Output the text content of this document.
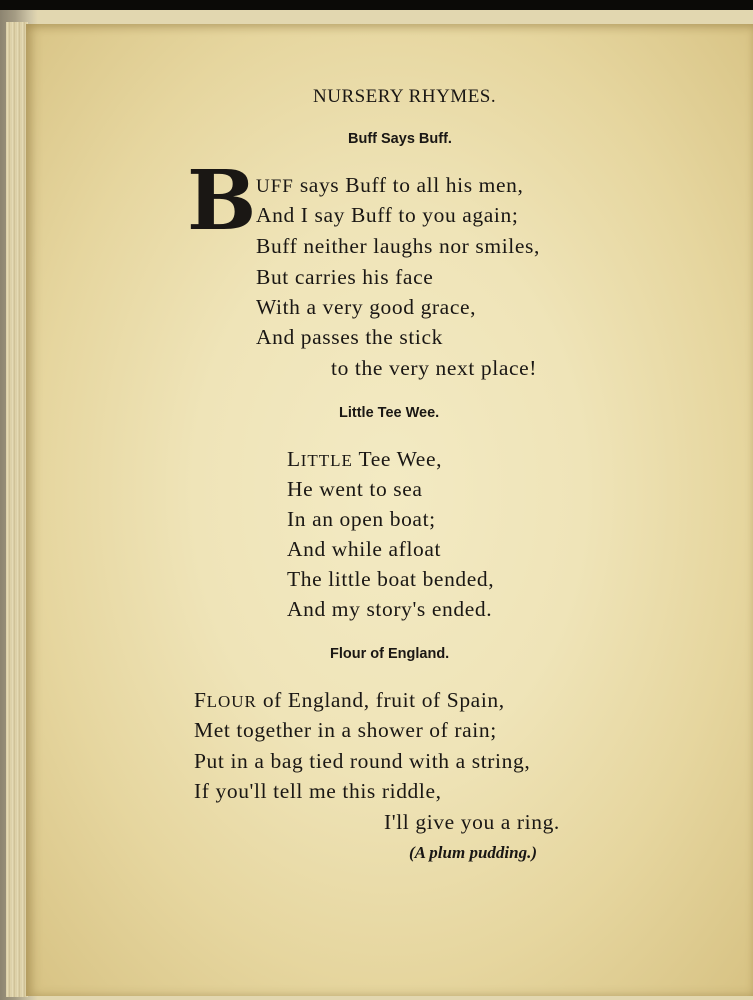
NURSERY RHYMES.
Buff Says Buff.
B UFF says Buff to all his men,
And I say Buff to you again;
Buff neither laughs nor smiles,
But carries his face
With a very good grace,
And passes the stick
to the very next place!
Little Tee Wee.
LITTLE Tee Wee,
He went to sea
In an open boat;
And while afloat
The little boat bended,
And my story's ended.
Flour of England.
FLOUR of England, fruit of Spain,
Met together in a shower of rain;
Put in a bag tied round with a string,
If you'll tell me this riddle,
I'll give you a ring.
(A plum pudding.)
